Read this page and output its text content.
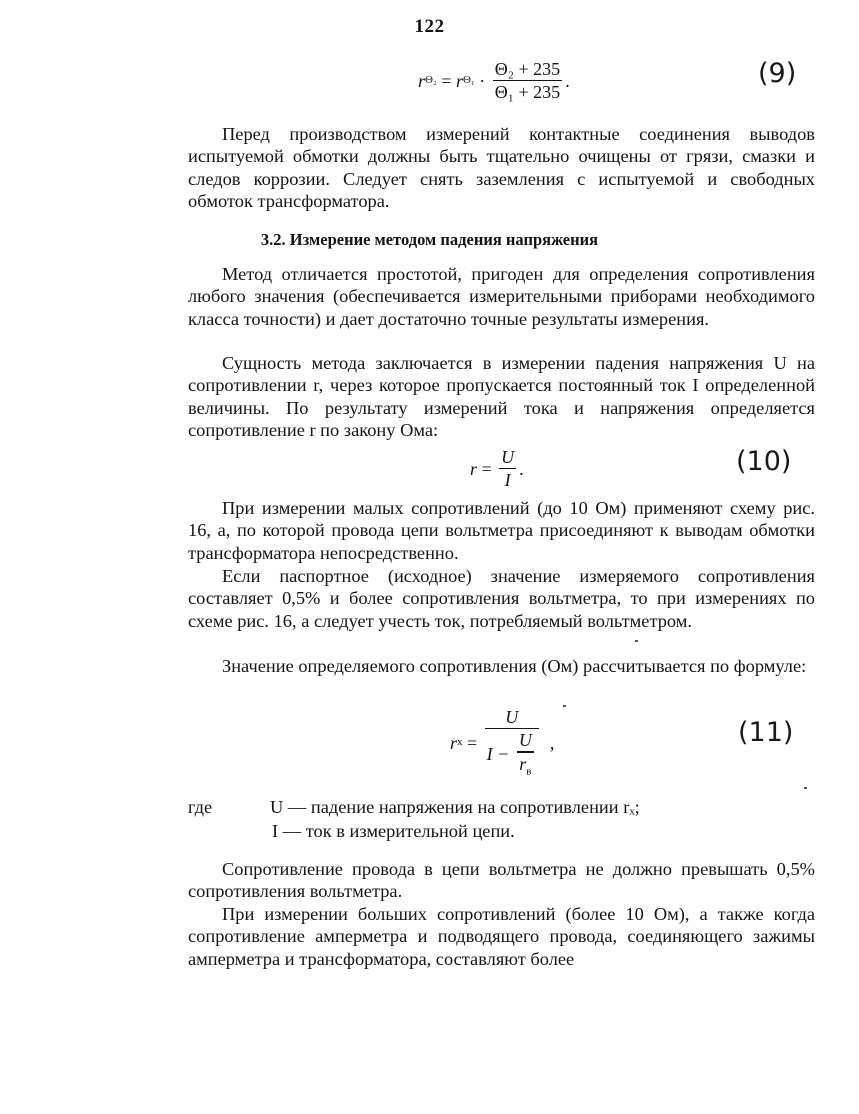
122
r Θ₂ = r $\Theta_1 \cdot \frac{\text{Θ₂ + 235}}{\text{Θ₁ + 235}}$ .	(9)
Перед производством измерений контактные соединения выводов испытуемой обмотки должны быть тщательно очищены от грязи, смазки и следов коррозии. Следует снять заземления с испытуемой и свободных обмоток трансформатора.
3.2. Измерение методом падения напряжения
Метод отличается простотой, пригоден для определения сопротивления любого значения (обеспечивается измерительными приборами необходимого класса точности) и дает достаточно точные результаты измерения.
Сущность метода заключается в измерении падения напряжения U на сопротивлении r, через которое пропускается постоянный ток I определенной величины. По результату измерений тока и напряжения определяется сопротивление r по закону Ома:
$r = \frac{U}{I}$ .	(10)
При измерении малых сопротивлений (до 10 Ом) применяют схему рис. 16, а, по которой провода цепи вольтметра присоединяют к выводам обмотки трансформатора непосредственно.
Если паспортное (исходное) значение измеряемого сопротивления составляет 0,5% и более сопротивления вольтметра, то при измерениях по схеме рис. 16, а следует учесть ток, потребляемый вольтметром.
Значение определяемого сопротивления (Ом) рассчитывается по формуле:
r $x = \frac{U}{I - \frac{U}{r_в}}$ ,	(11)
где	U — падение напряжения на сопротивлении rₓ;
I — ток в измерительной цепи.
Сопротивление провода в цепи вольтметра не должно превышать 0,5% сопротивления вольтметра.
При измерении больших сопротивлений (более 10 Ом), а также когда сопротивление амперметра и подводящего провода, соединяющего зажимы амперметра и трансформатора, составляют более
